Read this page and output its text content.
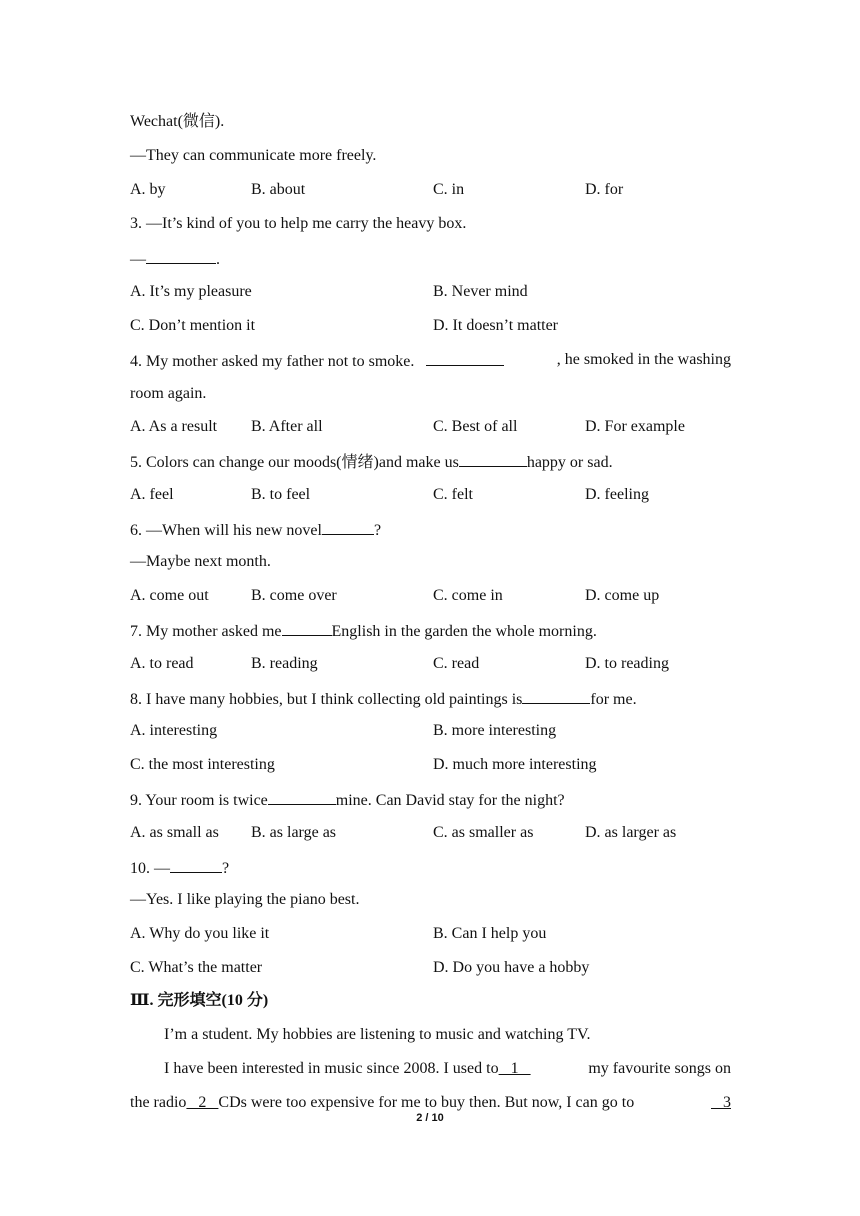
Wechat(微信).
—They can communicate more freely.
A. by	B. about	C. in	D. for
3. —It’s kind of you to help me carry the heavy box.
—	.
A. It’s my pleasure	B. Never mind
C. Don’t mention it	D. It doesn’t matter
4. My mother asked my father not to smoke.	, he smoked in the washing
room again.
A. As a result B. After all	C. Best of all	D. For example
5. Colors can change our moods(情绪)and make us	happy or sad.
A. feel	B. to feel	C. felt	D. feeling
6. —When will his new novel	?
—Maybe next month.
A. come out	B. come over	C. come in	D. come up
7. My mother asked me	English in the garden the whole morning.
A. to read	B. reading	C. read	D. to reading
8. I have many hobbies, but I think collecting old paintings is	for me.
A. interesting	B. more interesting
C. the most interesting	D. much more interesting
9. Your room is twice	mine. Can David stay for the night?
A. as small as B. as large as	C. as smaller as	D. as larger as
10. —	?
—Yes. I like playing the piano best.
A. Why do you like it	B. Can I help you
C. What’s the matter	D. Do you have a hobby
Ⅲ. 完形填空(10 分)
I’m a student. My hobbies are listening to music and watching TV.
I have been interested in music since 2008. I used to   1	my favourite songs on
the radio   2   CDs were too expensive for me to buy then. But now, I can go to	3
2 / 10
